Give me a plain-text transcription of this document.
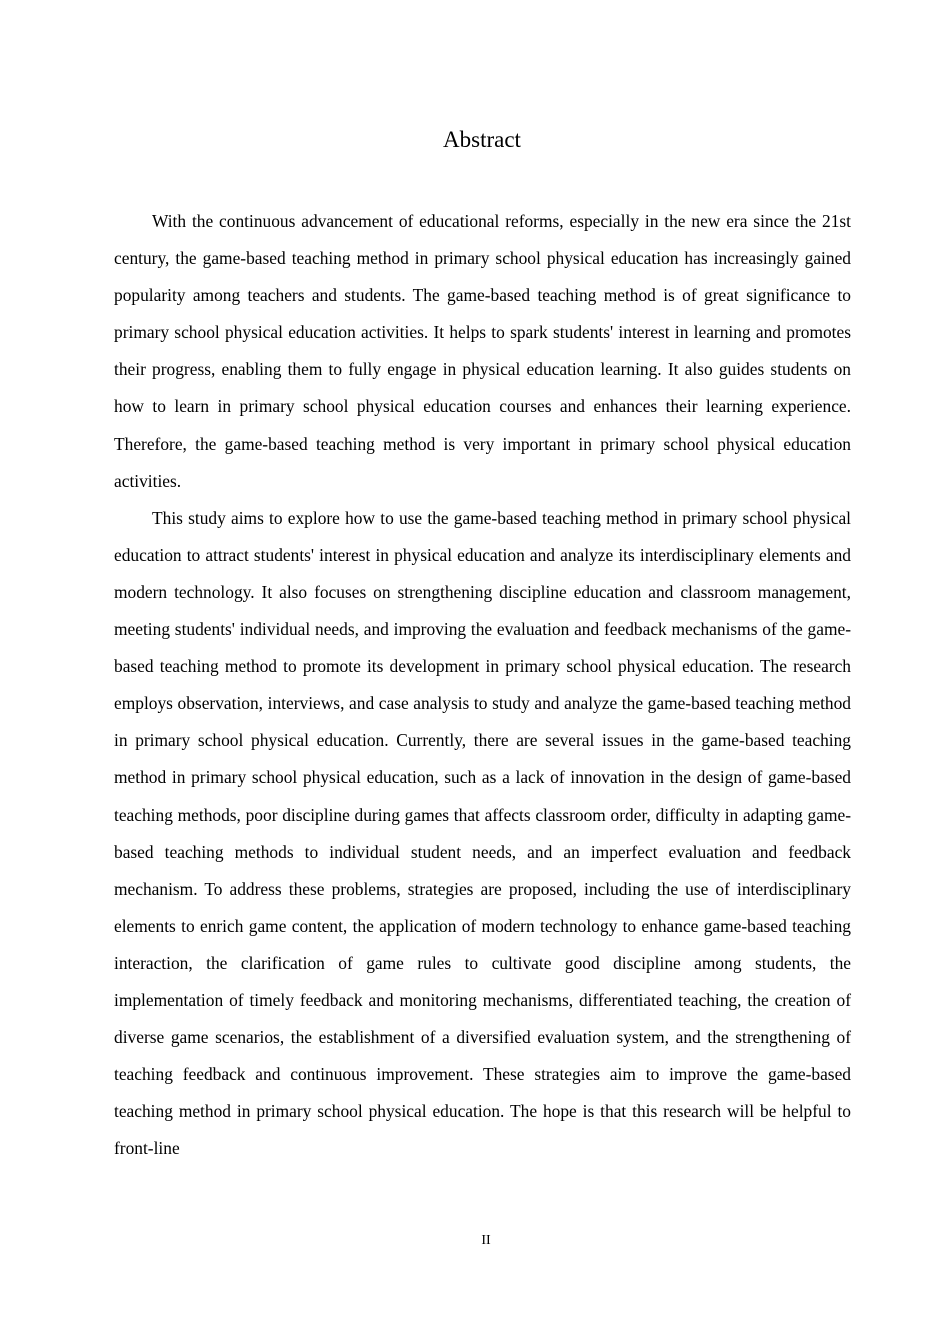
Abstract

With the continuous advancement of educational reforms, especially in the new era since the 21st century, the game-based teaching method in primary school physical education has increasingly gained popularity among teachers and students. The game-based teaching method is of great significance to primary school physical education activities. It helps to spark students' interest in learning and promotes their progress, enabling them to fully engage in physical education learning. It also guides students on how to learn in primary school physical education courses and enhances their learning experience. Therefore, the game-based teaching method is very important in primary school physical education activities.

This study aims to explore how to use the game-based teaching method in primary school physical education to attract students' interest in physical education and analyze its interdisciplinary elements and modern technology. It also focuses on strengthening discipline education and classroom management, meeting students' individual needs, and improving the evaluation and feedback mechanisms of the game-based teaching method to promote its development in primary school physical education. The research employs observation, interviews, and case analysis to study and analyze the game-based teaching method in primary school physical education. Currently, there are several issues in the game-based teaching method in primary school physical education, such as a lack of innovation in the design of game-based teaching methods, poor discipline during games that affects classroom order, difficulty in adapting game-based teaching methods to individual student needs, and an imperfect evaluation and feedback mechanism. To address these problems, strategies are proposed, including the use of interdisciplinary elements to enrich game content, the application of modern technology to enhance game-based teaching interaction, the clarification of game rules to cultivate good discipline among students, the implementation of timely feedback and monitoring mechanisms, differentiated teaching, the creation of diverse game scenarios, the establishment of a diversified evaluation system, and the strengthening of teaching feedback and continuous improvement. These strategies aim to improve the game-based teaching method in primary school physical education. The hope is that this research will be helpful to front-line

II
